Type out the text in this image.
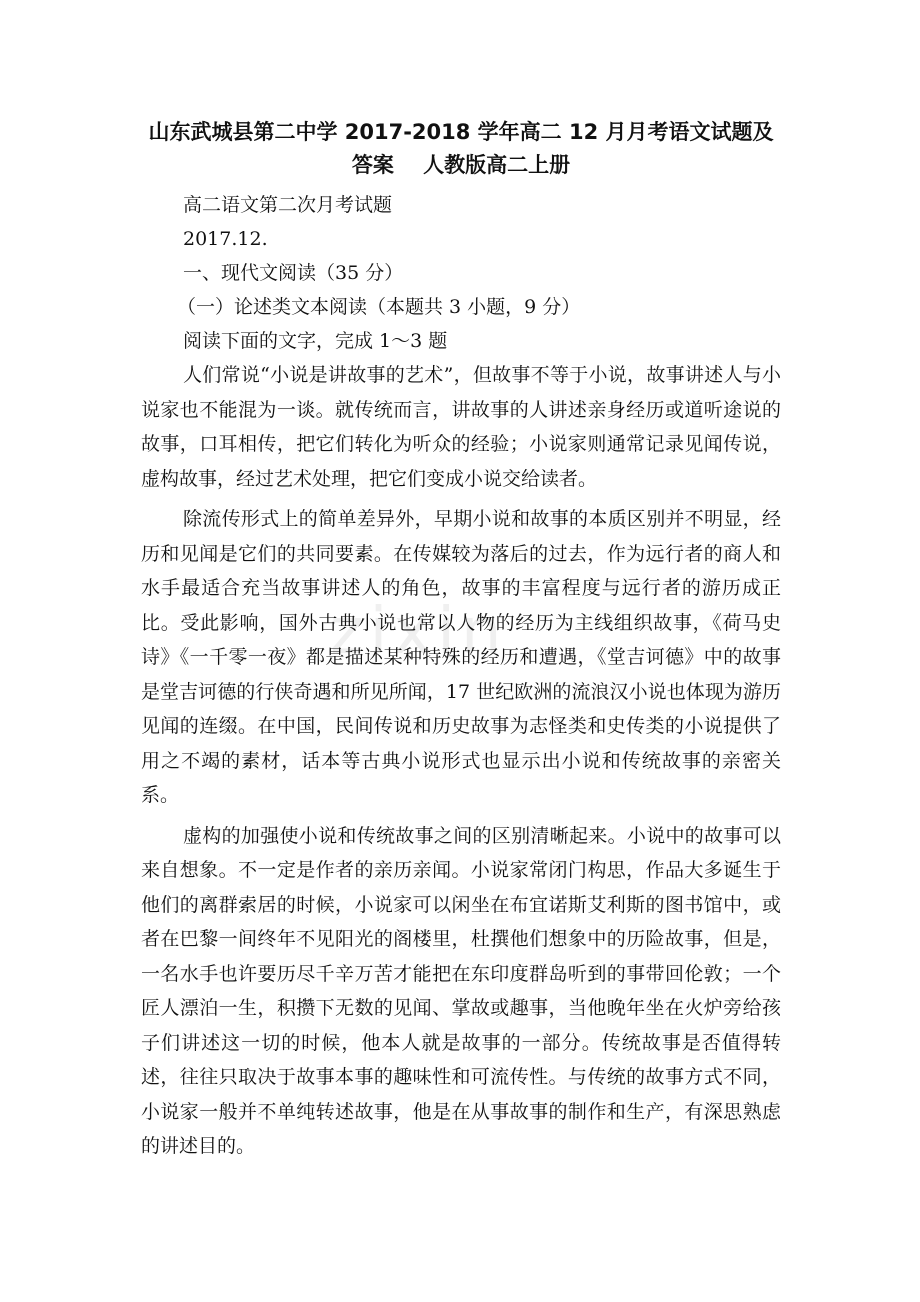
zixin
山东武城县第二中学 2017-2018 学年高二 12 月月考语文试题及
答案    人教版高二上册

高二语文第二次月考试题

2017.12.

一、现代文阅读（35 分）

（一）论述类文本阅读（本题共 3 小题，9 分）

阅读下面的文字，完成 1～3 题

人们常说“小说是讲故事的艺术”，但故事不等于小说，故事讲述人与小说家也不能混为一谈。就传统而言，讲故事的人讲述亲身经历或道听途说的故事，口耳相传，把它们转化为听众的经验；小说家则通常记录见闻传说，虚构故事，经过艺术处理，把它们变成小说交给读者。

除流传形式上的简单差异外，早期小说和故事的本质区别并不明显，经历和见闻是它们的共同要素。在传媒较为落后的过去，作为远行者的商人和水手最适合充当故事讲述人的角色，故事的丰富程度与远行者的游历成正比。受此影响，国外古典小说也常以人物的经历为主线组织故事，《荷马史诗》《一千零一夜》都是描述某种特殊的经历和遭遇，《堂吉诃德》中的故事是堂吉诃德的行侠奇遇和所见所闻，17 世纪欧洲的流浪汉小说也体现为游历见闻的连缀。在中国，民间传说和历史故事为志怪类和史传类的小说提供了用之不竭的素材，话本等古典小说形式也显示出小说和传统故事的亲密关系。

虚构的加强使小说和传统故事之间的区别清晰起来。小说中的故事可以来自想象。不一定是作者的亲历亲闻。小说家常闭门构思，作品大多诞生于他们的离群索居的时候，小说家可以闲坐在布宜诺斯艾利斯的图书馆中，或者在巴黎一间终年不见阳光的阁楼里，杜撰他们想象中的历险故事，但是，一名水手也许要历尽千辛万苦才能把在东印度群岛听到的事带回伦敦；一个匠人漂泊一生，积攒下无数的见闻、掌故或趣事，当他晚年坐在火炉旁给孩子们讲述这一切的时候，他本人就是故事的一部分。传统故事是否值得转述，往往只取决于故事本事的趣味性和可流传性。与传统的故事方式不同，小说家一般并不单纯转述故事，他是在从事故事的制作和生产，有深思熟虑的讲述目的。
